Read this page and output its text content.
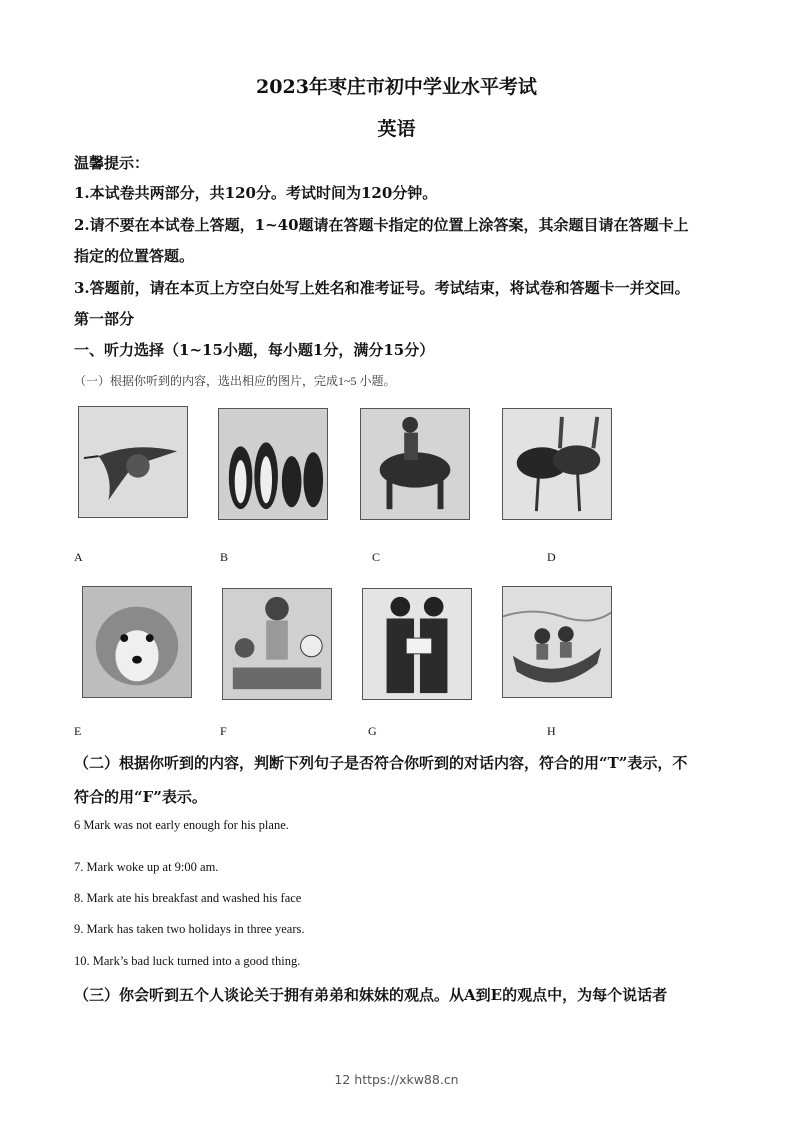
2023年枣庄市初中学业水平考试
英语
温馨提示：
1.本试卷共两部分，共120分。考试时间为120分钟。
2.请不要在本试卷上答题，1~40题请在答题卡指定的位置上涂答案，其余题目请在答题卡上
指定的位置答题。
3.答题前，请在本页上方空白处写上姓名和准考证号。考试结束，将试卷和答题卡一并交回。
第一部分
一、听力选择（1~15小题，每小题1分，满分15分）
（一）根据你听到的内容，选出相应的图片，完成1~5 小题。
A	B	C	D
E	F	G	H
（二）根据你听到的内容，判断下列句子是否符合你听到的对话内容，符合的用“T”表示，不
符合的用“F”表示。
6 Mark was not early enough for his plane.
7. Mark woke up at 9:00 am.
8. Mark ate his breakfast and washed his face
9. Mark has taken two holidays in three years.
10. Mark’s bad luck turned into a good thing.
（三）你会听到五个人谈论关于拥有弟弟和妹妹的观点。从A到E的观点中，为每个说话者
12 https://xkw88.cn
